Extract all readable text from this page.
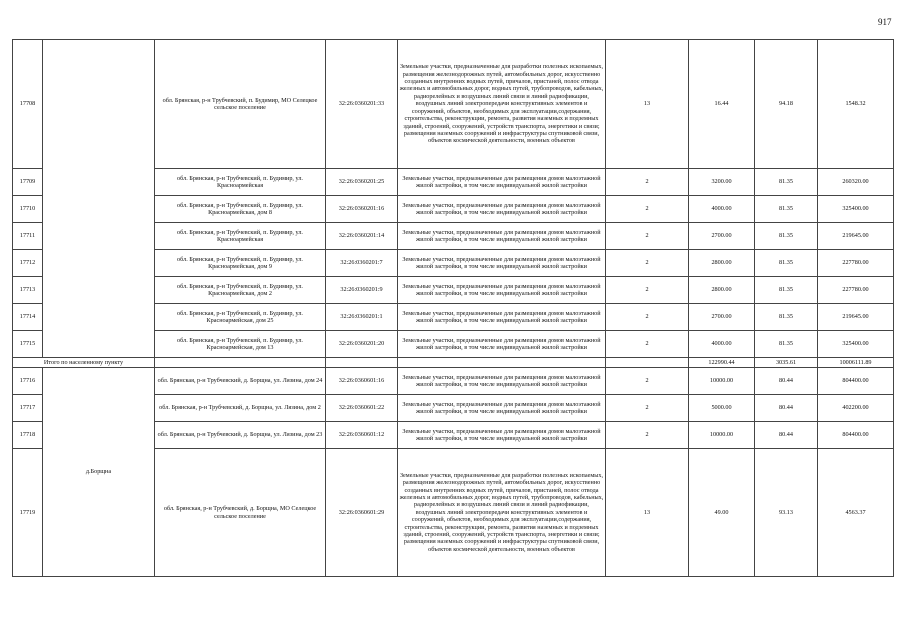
917
17708		обл. Брянская, р-н Трубчевский, п. Будимир, МО Селецкое сельское поселение	32:26:0360201:33	Земельные участки, предназначенные для разработки полезных ископаемых, размещения железнодорожных путей, автомобильных дорог, искусственно созданных внутренних водных путей, причалов, пристаней, полос отвода железных и автомобильных дорог, водных путей, трубопроводов, кабельных, радиорелейных и воздушных линий связи и линий радиофикации, воздушных линий электропередачи конструктивных элементов и сооружений, объектов, необходимых для эксплуатации,содержания, строительства, реконструкции, ремонта, развития наземных и подземных зданий, строений, сооружений, устройств транспорта, энергетики и связи; размещения наземных сооружений и инфраструктуры спутниковой связи, объектов космической деятельности, военных объектов	13	16.44	94.18	1548.32
17709		обл. Брянская, р-н Трубчевский, п. Будимир, ул. Красноармейская	32:26:0360201:25	Земельные участки, предназначенные для размещения домов малоэтажной жилой застройки, в том числе индивидуальной жилой застройки	2	3200.00	81.35	260320.00
17710		обл. Брянская, р-н Трубчевский, п. Будимир, ул. Красноармейская, дом 8	32:26:0360201:16	Земельные участки, предназначенные для размещения домов малоэтажной жилой застройки, в том числе индивидуальной жилой застройки	2	4000.00	81.35	325400.00
17711		обл. Брянская, р-н Трубчевский, п. Будимир, ул. Красноармейская	32:26:0360201:14	Земельные участки, предназначенные для размещения домов малоэтажной жилой застройки, в том числе индивидуальной жилой застройки	2	2700.00	81.35	219645.00
17712		обл. Брянская, р-н Трубчевский, п. Будимир, ул. Красноармейская, дом 9	32:26:0360201:7	Земельные участки, предназначенные для размещения домов малоэтажной жилой застройки, в том числе индивидуальной жилой застройки	2	2800.00	81.35	227780.00
17713		обл. Брянская, р-н Трубчевский, п. Будимир, ул. Красноармейская, дом 2	32:26:0360201:9	Земельные участки, предназначенные для размещения домов малоэтажной жилой застройки, в том числе индивидуальной жилой застройки	2	2800.00	81.35	227780.00
17714		обл. Брянская, р-н Трубчевский, п. Будимир, ул. Красноармейская, дом 25	32:26:0360201:1	Земельные участки, предназначенные для размещения домов малоэтажной жилой застройки, в том числе индивидуальной жилой застройки	2	2700.00	81.35	219645.00
17715		обл. Брянская, р-н Трубчевский, п. Будимир, ул. Красноармейская, дом 13	32:26:0360201:20	Земельные участки, предназначенные для размещения домов малоэтажной жилой застройки, в том числе индивидуальной жилой застройки	2	4000.00	81.35	325400.00
Итого по населенному пункту						122990.44	3035.61	10006111.89
17716	д.Борщна	обл. Брянская, р-н Трубчевский, д. Борщна, ул. Лязина, дом 24	32:26:0360601:16	Земельные участки, предназначенные для размещения домов малоэтажной жилой застройки, в том числе индивидуальной жилой застройки	2	10000.00	80.44	804400.00
17717		обл. Брянская, р-н Трубчевский, д. Борщна, ул. Лязина, дом 2	32:26:0360601:22	Земельные участки, предназначенные для размещения домов малоэтажной жилой застройки, в том числе индивидуальной жилой застройки	2	5000.00	80.44	402200.00
17718		обл. Брянская, р-н Трубчевский, д. Борщна, ул. Лязина, дом 23	32:26:0360601:12	Земельные участки, предназначенные для размещения домов малоэтажной жилой застройки, в том числе индивидуальной жилой застройки	2	10000.00	80.44	804400.00
17719		обл. Брянская, р-н Трубчевский, д. Борщна, МО Селецкое сельское поселение	32:26:0360601:29	Земельные участки, предназначенные для разработки полезных ископаемых, размещения железнодорожных путей, автомобильных дорог, искусственно созданных внутренних водных путей, причалов, пристаней, полос отвода железных и автомобильных дорог, водных путей, трубопроводов, кабельных, радиорелейных и воздушных линий связи и линий радиофикации, воздушных линий электропередачи конструктивных элементов и сооружений, объектов, необходимых для эксплуатации,содержания, строительства, реконструкции, ремонта, развития наземных и подземных зданий, строений, сооружений, устройств транспорта, энергетики и связи; размещения наземных сооружений и инфраструктуры спутниковой связи, объектов космической деятельности, военных объектов	13	49.00	93.13	4563.37
